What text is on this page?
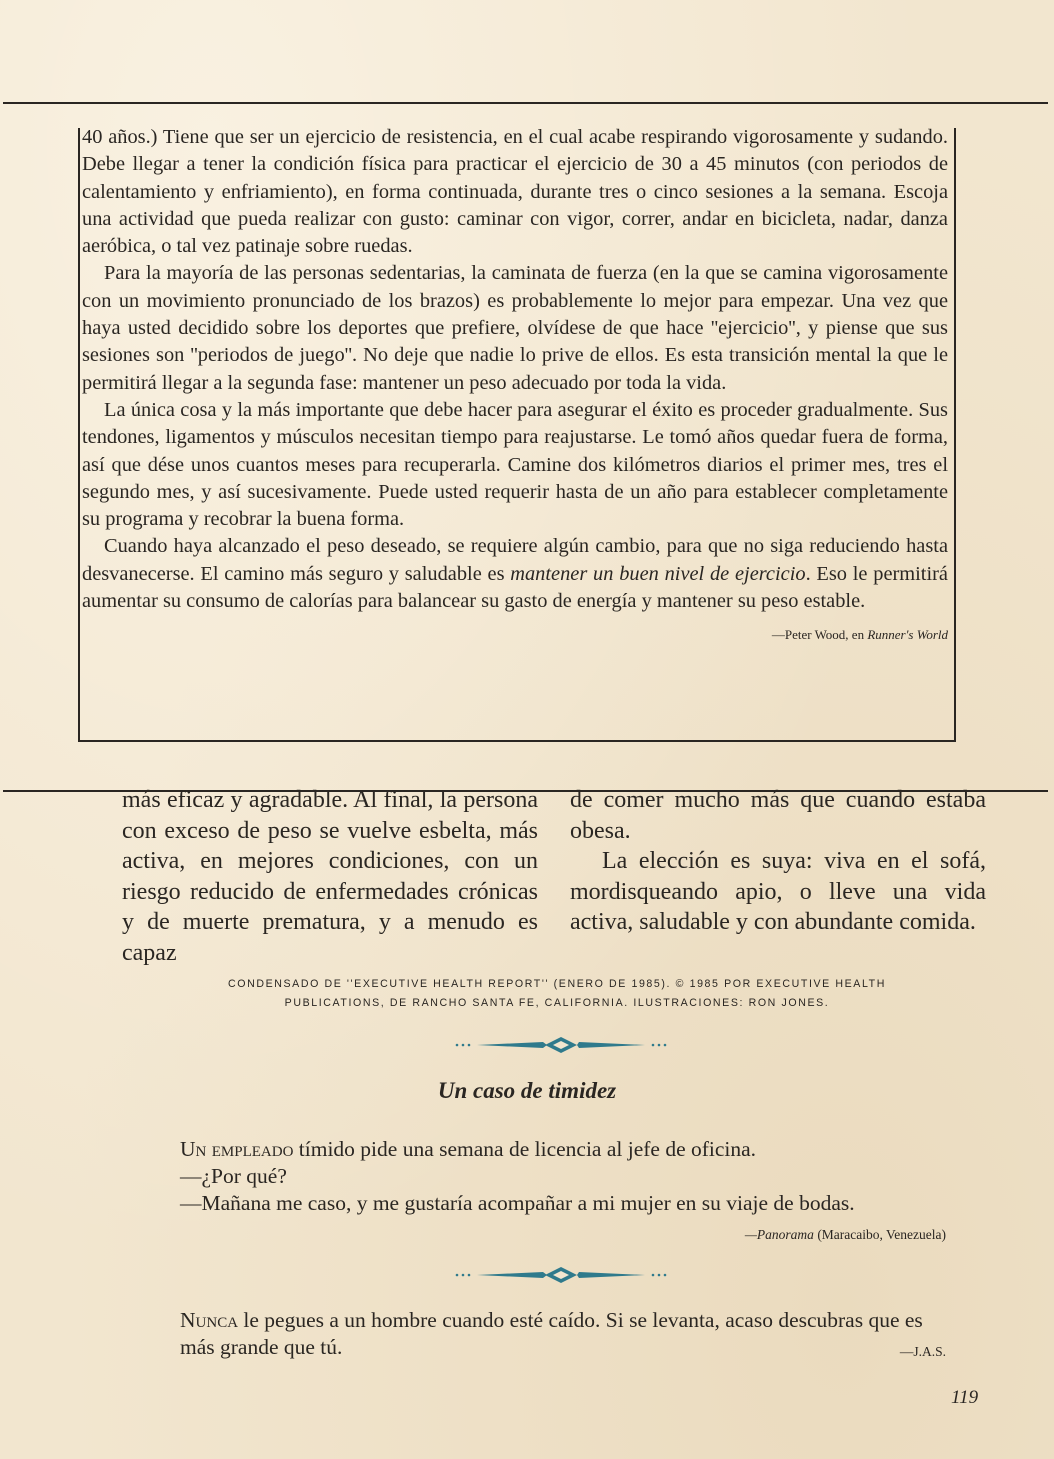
40 años.) Tiene que ser un ejercicio de resistencia, en el cual acabe respirando vigorosamente y sudando. Debe llegar a tener la condición física para practicar el ejercicio de 30 a 45 minutos (con periodos de calentamiento y enfriamiento), en forma continuada, durante tres o cinco sesiones a la semana. Escoja una actividad que pueda realizar con gusto: caminar con vigor, correr, andar en bicicleta, nadar, danza aeróbica, o tal vez patinaje sobre ruedas.

Para la mayoría de las personas sedentarias, la caminata de fuerza (en la que se camina vigorosamente con un movimiento pronunciado de los brazos) es probablemente lo mejor para empezar. Una vez que haya usted decidido sobre los deportes que prefiere, olvídese de que hace ''ejercicio'', y piense que sus sesiones son ''periodos de juego''. No deje que nadie lo prive de ellos. Es esta transición mental la que le permitirá llegar a la segunda fase: mantener un peso adecuado por toda la vida.

La única cosa y la más importante que debe hacer para asegurar el éxito es proceder gradualmente. Sus tendones, ligamentos y músculos necesitan tiempo para reajustarse. Le tomó años quedar fuera de forma, así que dése unos cuantos meses para recuperarla. Camine dos kilómetros diarios el primer mes, tres el segundo mes, y así sucesivamente. Puede usted requerir hasta de un año para establecer completamente su programa y recobrar la buena forma.

Cuando haya alcanzado el peso deseado, se requiere algún cambio, para que no siga reduciendo hasta desvanecerse. El camino más seguro y saludable es mantener un buen nivel de ejercicio. Eso le permitirá aumentar su consumo de calorías para balancear su gasto de energía y mantener su peso estable.
—Peter Wood, en Runner's World

más eficaz y agradable. Al final, la persona con exceso de peso se vuelve esbelta, más activa, en mejores condiciones, con un riesgo reducido de enfermedades crónicas y de muerte prematura, y a menudo es capaz

de comer mucho más que cuando estaba obesa.

La elección es suya: viva en el sofá, mordisqueando apio, o lleve una vida activa, saludable y con abundante comida.

CONDENSADO DE ''EXECUTIVE HEALTH REPORT'' (ENERO DE 1985). © 1985 POR EXECUTIVE HEALTH
PUBLICATIONS, DE RANCHO SANTA FE, CALIFORNIA. ILUSTRACIONES: RON JONES.
Un caso de timidez

Un empleado tímido pide una semana de licencia al jefe de oficina.

—¿Por qué?

—Mañana me caso, y me gustaría acompañar a mi mujer en su viaje de bodas.
—Panorama (Maracaibo, Venezuela)

Nunca le pegues a un hombre cuando esté caído. Si se levanta, acaso descubras que es más grande que tú.	—J.A.S.

119
